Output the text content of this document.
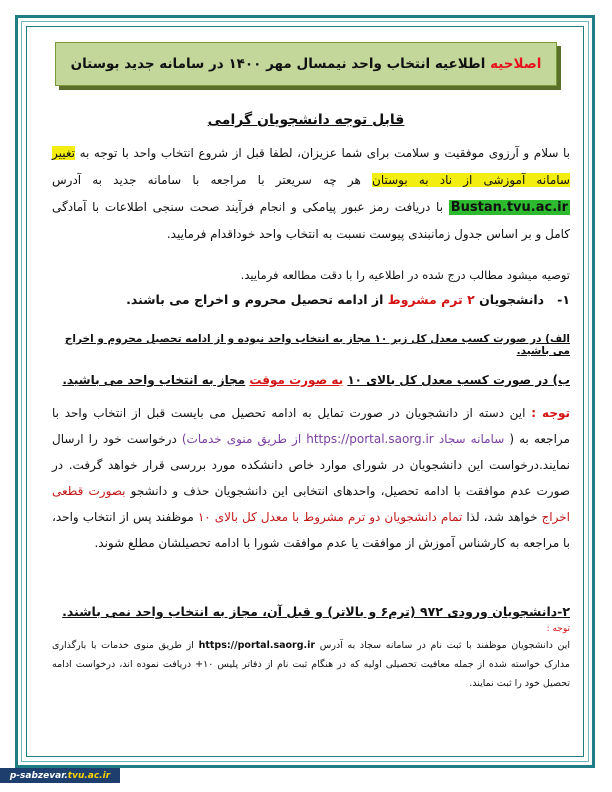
اصلاحیه

اطلاعیه انتخاب واحد نیمسال مهر ۱۴۰۰ در سامانه جدید بوستان
قابل توجه دانشجویان گرامی
با سلام و آرزوی موفقیت و سلامت برای شما عزیزان، لطفا قبل از شروع انتخاب واحد با توجه به تغییر سامانه آموزشی از ناد به بوستان هر چه سریعتر با مراجعه با سامانه جدید به آدرس Bustan.tvu.ac.ir با دریافت رمز عبور پیامکی و انجام فرآیند صحت سنجی اطلاعات با آمادگی کامل و بر اساس جدول زمانبندی پیوست نسبت به انتخاب واحد خوداقدام فرمایید.
توصیه میشود مطالب درج شده در اطلاعیه را با دقت مطالعه فرمایید.
۱-   دانشجویان ۲ ترم مشروط از ادامه تحصیل محروم و اخراج می باشند.
الف) در صورت کسب معدل کل زیر ۱۰ مجاز به انتخاب واحد نبوده و از ادامه تحصیل محروم و اخراج می باشید.
ب) در صورت کسب معدل کل بالای ۱۰ به صورت موقت مجاز به انتخاب واحد می باشید.
توجه : این دسته از دانشجویان در صورت تمایل به ادامه تحصیل می بایست قبل از انتخاب واحد با مراجعه به ( سامانه سجاد https://portal.saorg.ir از طریق منوی خدمات) درخواست خود را ارسال نمایند.درخواست این دانشجویان در شورای موارد خاص دانشکده مورد بررسی قرار خواهد گرفت. در صورت عدم موافقت با ادامه تحصیل، واحدهای انتخابی این دانشجویان حذف و دانشجو بصورت قطعی اخراج خواهد شد، لذا تمام دانشجویان دو ترم مشروط با معدل کل بالای ۱۰ موظفند پس از انتخاب واحد، با مراجعه به کارشناس آموزش از موافقت یا عدم موافقت شورا با ادامه تحصیلشان مطلع شوند.
۲-دانشجویان ورودی ۹۷۲ (ترم۶ و بالاتر) و قبل آن، مجاز به انتخاب واحد نمی باشند. توجه :
این دانشجویان موظفند با ثبت نام در سامانه سجاد به آدرس https://portal.saorg.ir از طریق منوی خدمات با بارگذاری مدارک خواسته شده از جمله معافیت تحصیلی اولیه که در هنگام ثبت نام از دفاتر پلیس ۱۰+ دریافت نموده اند، درخواست ادامه تحصیل خود را ثبت نمایند.
p-sabzevar. tvu.ac.ir
